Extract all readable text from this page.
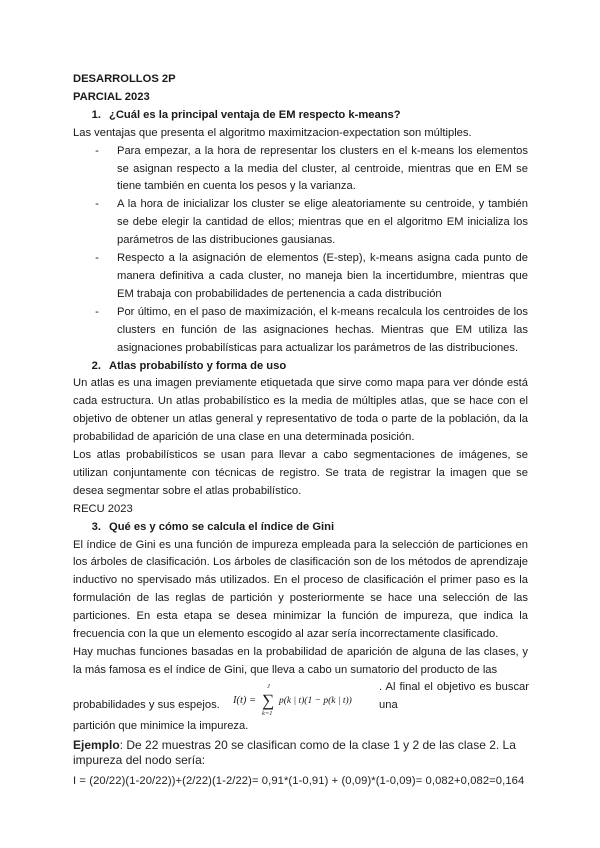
DESARROLLOS 2P

PARCIAL 2023

1. ¿Cuál es la principal ventaja de EM respecto k-means?

Las ventajas que presenta el algoritmo maximitzacion-expectation son múltiples.

-	Para empezar, a la hora de representar los clusters en el k-means los elementos se asignan respecto a la media del cluster, al centroide, mientras que en EM se tiene también en cuenta los pesos y la varianza.
-	A la hora de inicializar los cluster se elige aleatoriamente su centroide, y también se debe elegir la cantidad de ellos; mientras que en el algoritmo EM inicializa los parámetros de las distribuciones gausianas.
-	Respecto a la asignación de elementos (E-step), k-means asigna cada punto de manera definitiva a cada cluster, no maneja bien la incertidumbre, mientras que EM trabaja con probabilidades de pertenencia a cada distribución
-	Por último, en el paso de maximización, el k-means recalcula los centroides de los clusters en función de las asignaciones hechas. Mientras que EM utiliza las asignaciones probabilísticas para actualizar los parámetros de las distribuciones.

2. Atlas probabilísto y forma de uso

Un atlas es una imagen previamente etiquetada que sirve como mapa para ver dónde está cada estructura. Un atlas probabilístico es la media de múltiples atlas, que se hace con el objetivo de obtener un atlas general y representativo de toda o parte de la población, da la probabilidad de aparición de una clase en una determinada posición.

Los atlas probabilísticos se usan para llevar a cabo segmentaciones de imágenes, se utilizan conjuntamente con técnicas de registro. Se trata de registrar la imagen que se desea segmentar sobre el atlas probabilístico.

RECU 2023

3. Qué es y cómo se calcula el índice de Gini

El índice de Gini es una función de impureza empleada para la selección de particiones en los árboles de clasificación. Los árboles de clasificación son de los métodos de aprendizaje inductivo no spervisado más utilizados. En el proceso de clasificación el primer paso es la formulación de las reglas de partición y posteriormente se hace una selección de las particiones. En esta etapa se desea minimizar la función de impureza, que indica la frecuencia con la que un elemento escogido al azar sería incorrectamente clasificado.

Hay muchas funciones basadas en la probabilidad de aparición de alguna de las clases, y la más famosa es el índice de Gini, que lleva a cabo un sumatorio del producto de las

probabilidades y sus espejos. I(t) =
J
∑
k=1
p(k | t)(1 − p(k | t))
. Al final el objetivo es buscar una

partición que minimice la impureza.

Ejemplo: De 22 muestras 20 se clasifican como de la clase 1 y 2 de las clase 2. La impureza del nodo sería:

I = (20/22)(1-20/22))+(2/22)(1-2/22)= 0,91*(1-0,91) + (0,09)*(1-0,09)= 0,082+0,082=0,164
